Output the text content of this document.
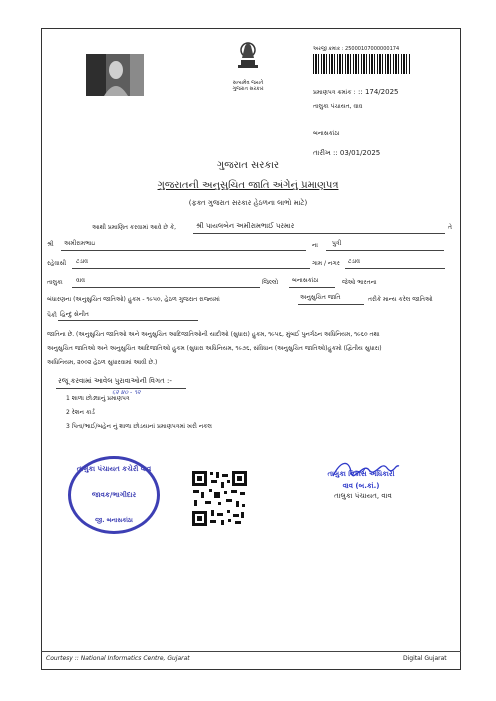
સત્યમેવ જયતે
ગુજરાત સરકાર
અરજી ક્રમાંક : 25000107000000174
પ્રમાણપત્ર ક્રમાંક : :: 174/2025
તાલુકા પંચાયત, વાવ
બનાસકાંઠા
તારીખ :: 03/01/2025
ગુજરાત સરકાર
ગુજરાતની અનુસુચિત જાતિ અંગેનું પ્રમાણપત્ર
(ફક્ત ગુજરાત સરકાર હેઠળના લાભો માટે)
આથી પ્રમાણિત કરવામાં આવે છે કે,	શ્રી પાયલબેન અમીરામભાઈ પરમાર	તે
શ્રી અમીરામભાઇ	ના પુત્રી
રહેવાસી ટડાવ	ગામ / નગર ટડાવ
તાલુકા વાવ	જિલ્લો બનાસકાંઠા	જેઓ ભારતના
બંધારણના (અનુસુચિત જાતિઓ) હુકમ - ૧૯૫૦, હેઠળ ગુજરાત રાજ્યમાં	અનુસુચિત જાતિ	તરીકે માન્ય કરેલ જાતિઓ
પૈકી હિન્દુ સેનીત
જાતિના છે. (અનુસુચિત જાતિઓ અને અનુસુચિત આદિજાતિઓની યાદીઓ (સુધારા) હુકમ, ૧૯૫૬, મુંબઈ પુનર્ગઠન અધિનિયમ, ૧૯૬૦ તથા
અનુસુચિત જાતિઓ અને અનુસુચિત આદિજાતિઓ હુકમ (સુધારા અધિનિયમ, ૧૯૭૬, સંવિધાન (અનુસુચિત જાતિઓ)હુકમો (દ્વિતીય સુધારા)
અધિનિયમ, ૨૦૦૨ હેઠળ સુધારવામાં આવી છે.)
રજૂ કરવામાં આવેલ પુરાવાઓની વિગત :-
૬૨ ૪૦ - ૧૨
1 શાળા છોડ્યાનું પ્રમાણપત્ર
2 રેશન કાર્ડ
3 પિતા/ભાઈ/બહેન નું શાળા છોડયાનાં પ્રમાણપત્રમાં ખરી નકલ
તાલુકા પંચાયત કચેરી વાવ
જાવક/ભાગીદાર
જી. બનાસકાંઠા
તાલુકા વિકાસ અધિકારી
વાવ (બ.કાં.)
તાલુકા પંચાયત, વાવ
Courtesy :: National Informatics Centre, Gujarat	Digital Gujarat
